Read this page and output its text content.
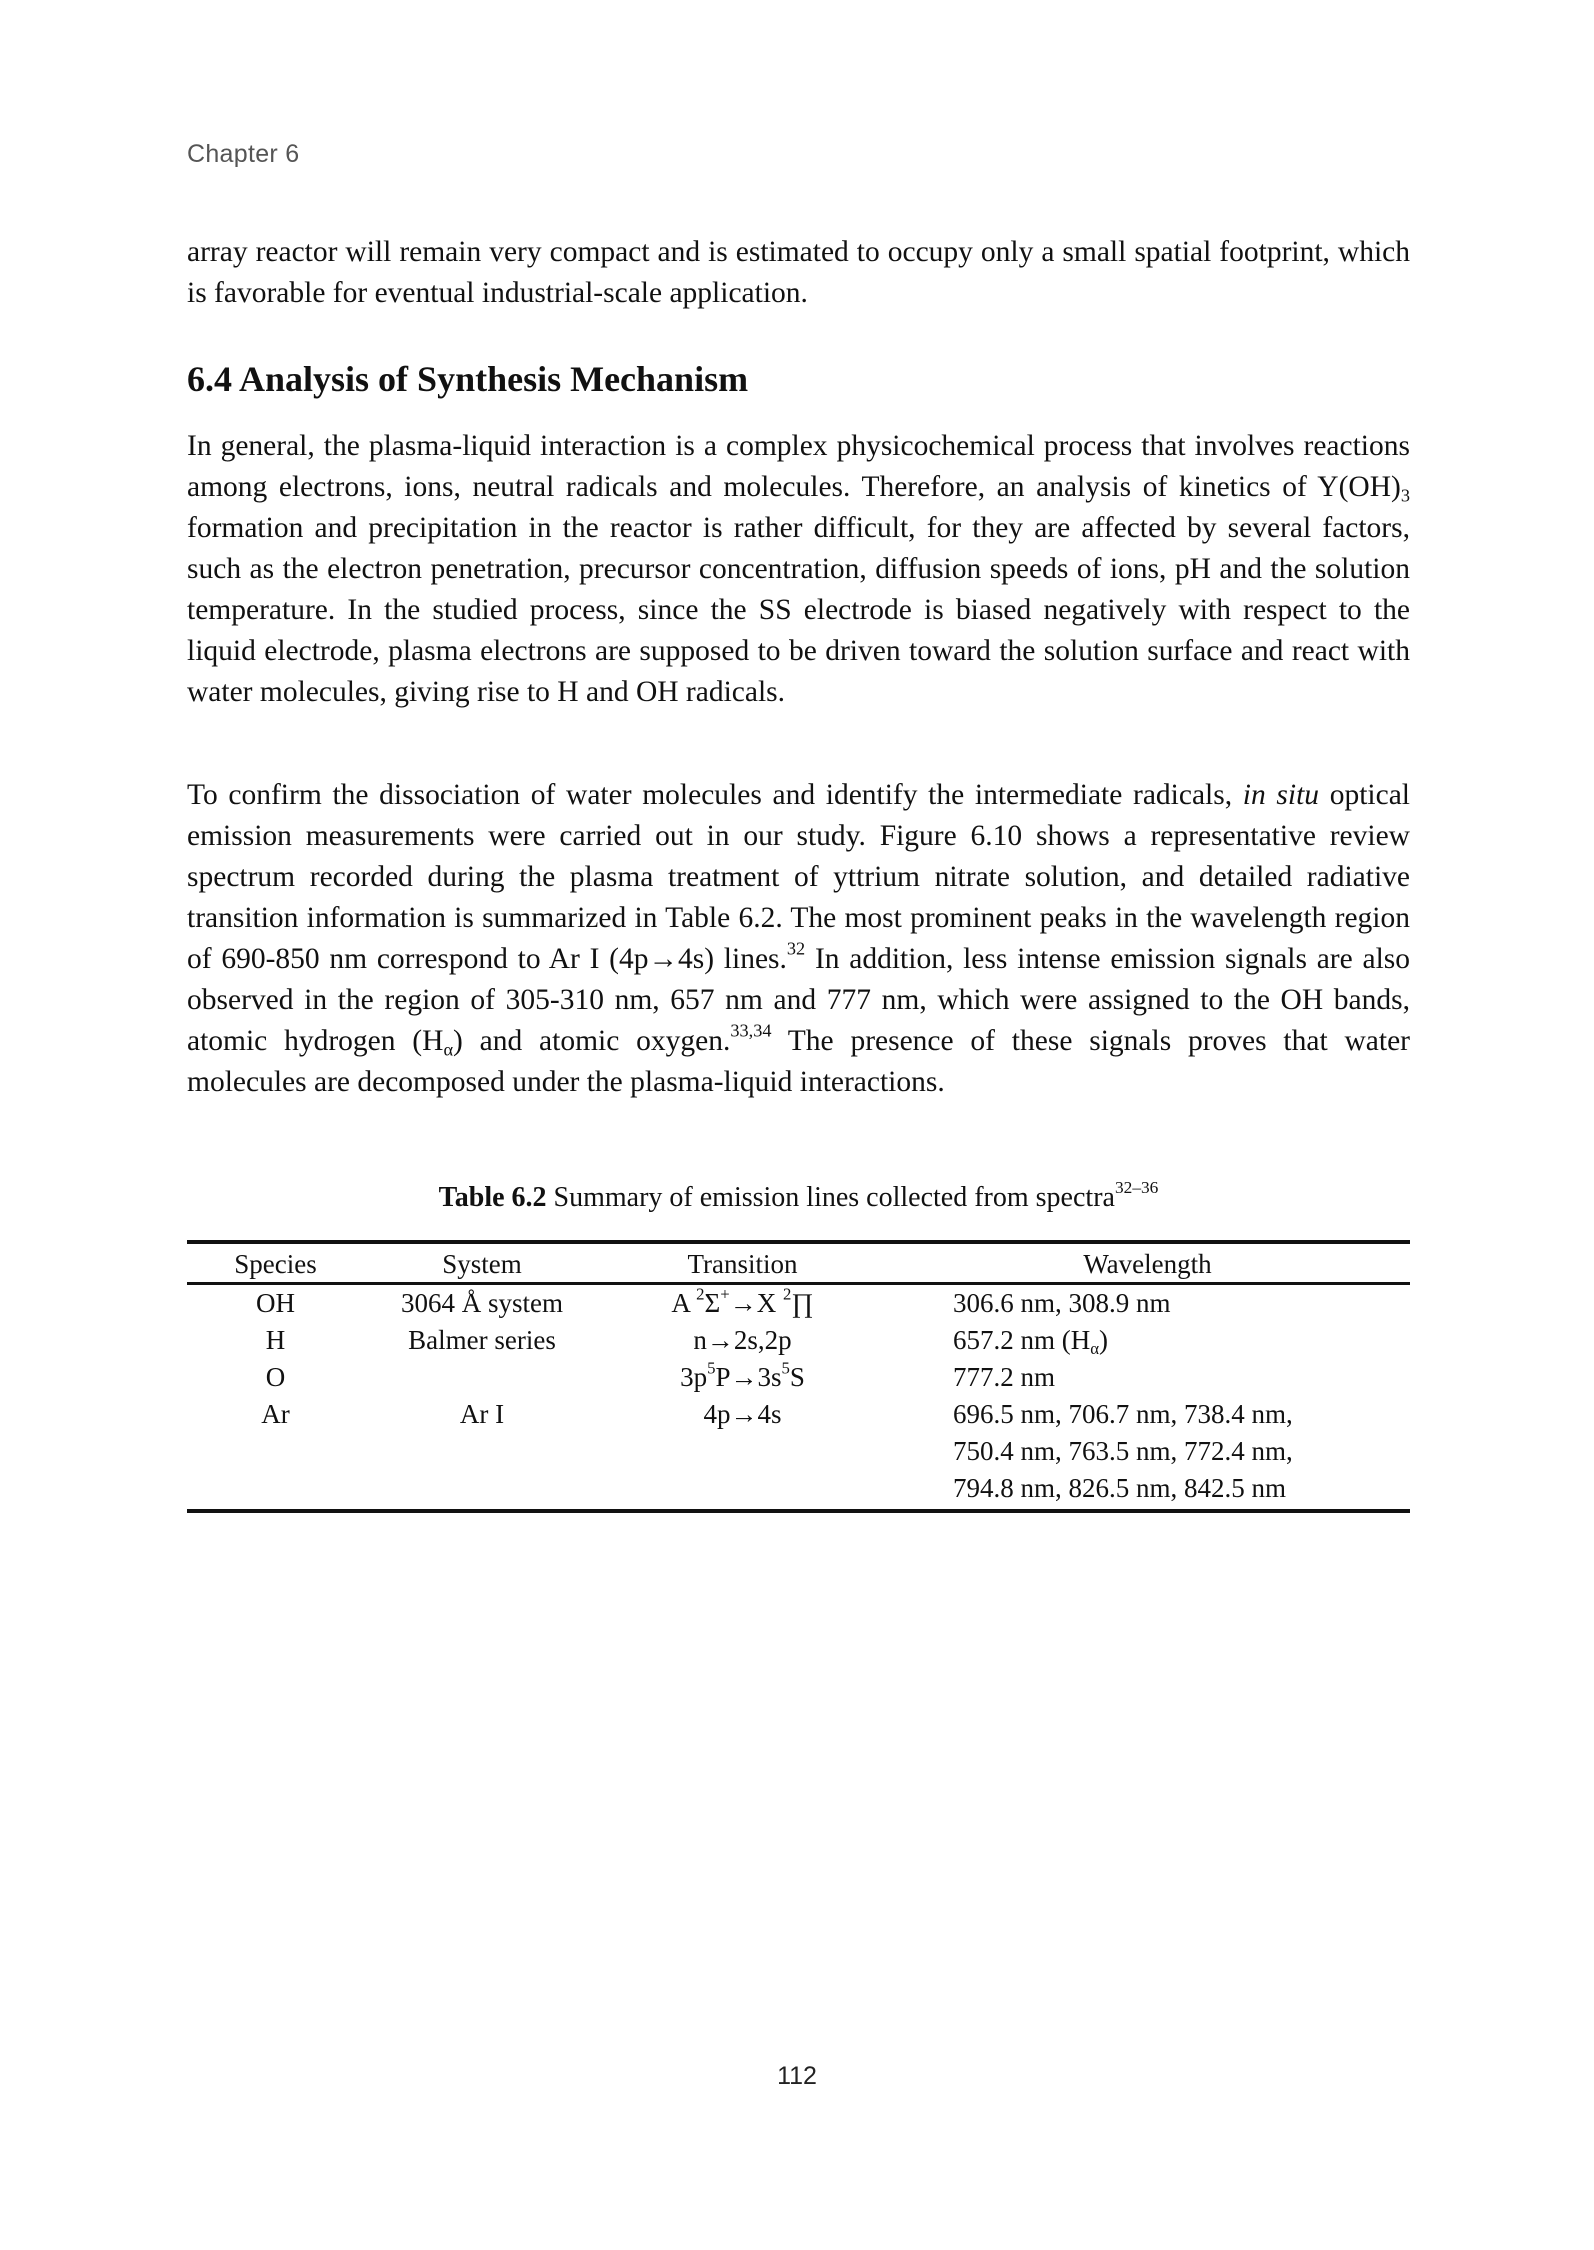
Chapter 6

array reactor will remain very compact and is estimated to occupy only a small spatial footprint, which is favorable for eventual industrial-scale application.

6.4 Analysis of Synthesis Mechanism

In general, the plasma-liquid interaction is a complex physicochemical process that involves reactions among electrons, ions, neutral radicals and molecules. Therefore, an analysis of kinetics of $Y(OH)_3$ formation and precipitation in the reactor is rather difficult, for they are affected by several factors, such as the electron penetration, precursor concentration, diffusion speeds of ions, pH and the solution temperature. In the studied process, since the SS electrode is biased negatively with respect to the liquid electrode, plasma electrons are supposed to be driven toward the solution surface and react with water molecules, giving rise to H and OH radicals.

To confirm the dissociation of water molecules and identify the intermediate radicals, in situ optical emission measurements were carried out in our study. Figure 6.10 shows a representative review spectrum recorded during the plasma treatment of yttrium nitrate solution, and detailed radiative transition information is summarized in Table 6.2. The most prominent peaks in the wavelength region of 690-850 nm correspond to Ar I (4p→4s) lines.$^{32}$ In addition, less intense emission signals are also observed in the region of 305-310 nm, 657 nm and 777 nm, which were assigned to the OH bands, atomic hydrogen $(H_\alpha)$ and atomic oxygen.$^{33,34}$ The presence of these signals proves that water molecules are decomposed under the plasma-liquid interactions.

Table 6.2 Summary of emission lines collected from spectra$^{32-36}$

Species	System	Transition	Wavelength
OH	3064 Å system	A $^2$Σ+→X $^2$∏	306.6 nm, 308.9 nm

H	Balmer series	n→2s,2p	657.2 nm $(H_\alpha)$
O		$3p^5P\to 3s^5S$	777.2 nm

Ar	Ar I	4p→4s	696.5 nm, 706.7 nm, 738.4 nm,
750.4 nm, 763.5 nm, 772.4 nm,
794.8 nm, 826.5 nm, 842.5 nm
112
